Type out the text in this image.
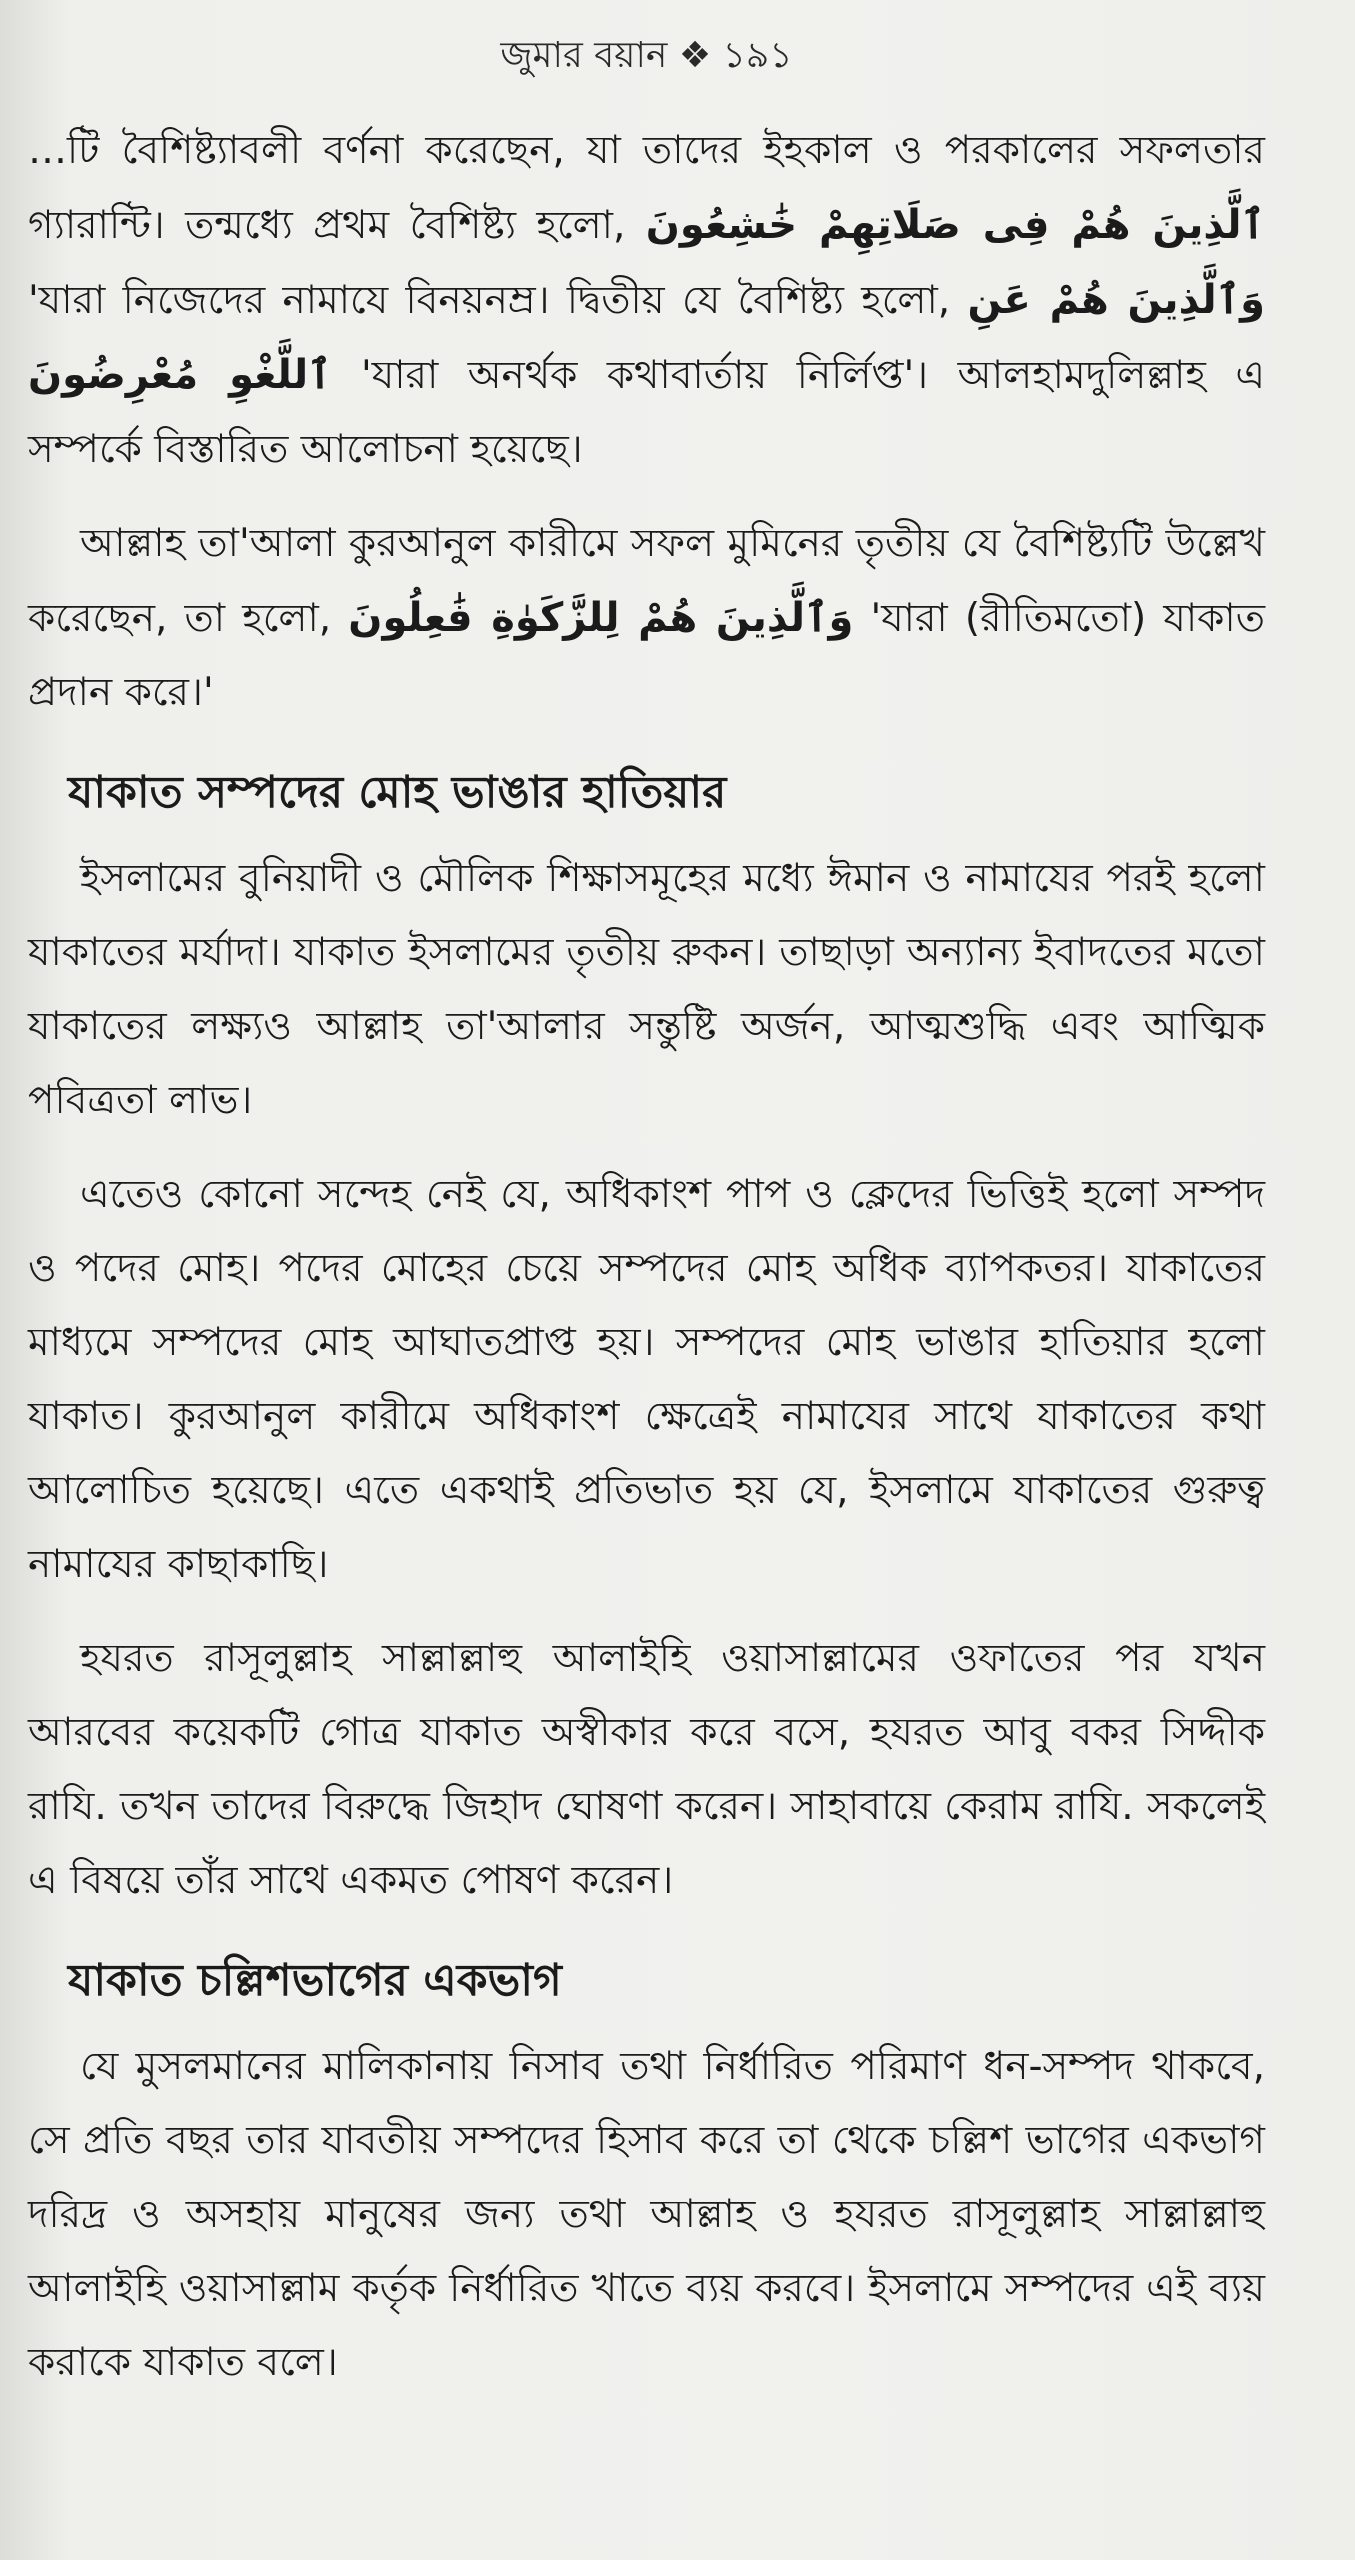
জুমার বয়ান ❖ ১৯১

…টি বৈশিষ্ট্যাবলী বর্ণনা করেছেন, যা তাদের ইহকাল ও পরকালের সফলতার গ্যারান্টি। তন্মধ্যে প্রথম বৈশিষ্ট্য হলো, ٱلَّذِينَ هُمْ فِى صَلَاتِهِمْ خَٰشِعُونَ 'যারা নিজেদের নামাযে বিনয়নম্র। দ্বিতীয় যে বৈশিষ্ট্য হলো, وَٱلَّذِينَ هُمْ عَنِ ٱللَّغْوِ مُعْرِضُونَ 'যারা অনর্থক কথাবার্তায় নির্লিপ্ত'। আলহামদুলিল্লাহ এ সম্পর্কে বিস্তারিত আলোচনা হয়েছে।

আল্লাহ তা'আলা কুরআনুল কারীমে সফল মুমিনের তৃতীয় যে বৈশিষ্ট্যটি উল্লেখ করেছেন, তা হলো, وَٱلَّذِينَ هُمْ لِلزَّكَوٰةِ فَٰعِلُونَ 'যারা (রীতিমতো) যাকাত প্রদান করে।'

যাকাত সম্পদের মোহ ভাঙার হাতিয়ার

ইসলামের বুনিয়াদী ও মৌলিক শিক্ষাসমূহের মধ্যে ঈমান ও নামাযের পরই হলো যাকাতের মর্যাদা। যাকাত ইসলামের তৃতীয় রুকন। তাছাড়া অন্যান্য ইবাদতের মতো যাকাতের লক্ষ্যও আল্লাহ তা'আলার সন্তুষ্টি অর্জন, আত্মশুদ্ধি এবং আত্মিক পবিত্রতা লাভ।

এতেও কোনো সন্দেহ নেই যে, অধিকাংশ পাপ ও ক্লেদের ভিত্তিই হলো সম্পদ ও পদের মোহ। পদের মোহের চেয়ে সম্পদের মোহ অধিক ব্যাপকতর। যাকাতের মাধ্যমে সম্পদের মোহ আঘাতপ্রাপ্ত হয়। সম্পদের মোহ ভাঙার হাতিয়ার হলো যাকাত। কুরআনুল কারীমে অধিকাংশ ক্ষেত্রেই নামাযের সাথে যাকাতের কথা আলোচিত হয়েছে। এতে একথাই প্রতিভাত হয় যে, ইসলামে যাকাতের গুরুত্ব নামাযের কাছাকাছি।

হযরত রাসূলুল্লাহ সাল্লাল্লাহু আলাইহি ওয়াসাল্লামের ওফাতের পর যখন আরবের কয়েকটি গোত্র যাকাত অস্বীকার করে বসে, হযরত আবু বকর সিদ্দীক রাযি. তখন তাদের বিরুদ্ধে জিহাদ ঘোষণা করেন। সাহাবায়ে কেরাম রাযি. সকলেই এ বিষয়ে তাঁর সাথে একমত পোষণ করেন।

যাকাত চল্লিশভাগের একভাগ

যে মুসলমানের মালিকানায় নিসাব তথা নির্ধারিত পরিমাণ ধন-সম্পদ থাকবে, সে প্রতি বছর তার যাবতীয় সম্পদের হিসাব করে তা থেকে চল্লিশ ভাগের একভাগ দরিদ্র ও অসহায় মানুষের জন্য তথা আল্লাহ ও হযরত রাসূলুল্লাহ সাল্লাল্লাহু আলাইহি ওয়াসাল্লাম কর্তৃক নির্ধারিত খাতে ব্যয় করবে। ইসলামে সম্পদের এই ব্যয় করাকে যাকাত বলে।
